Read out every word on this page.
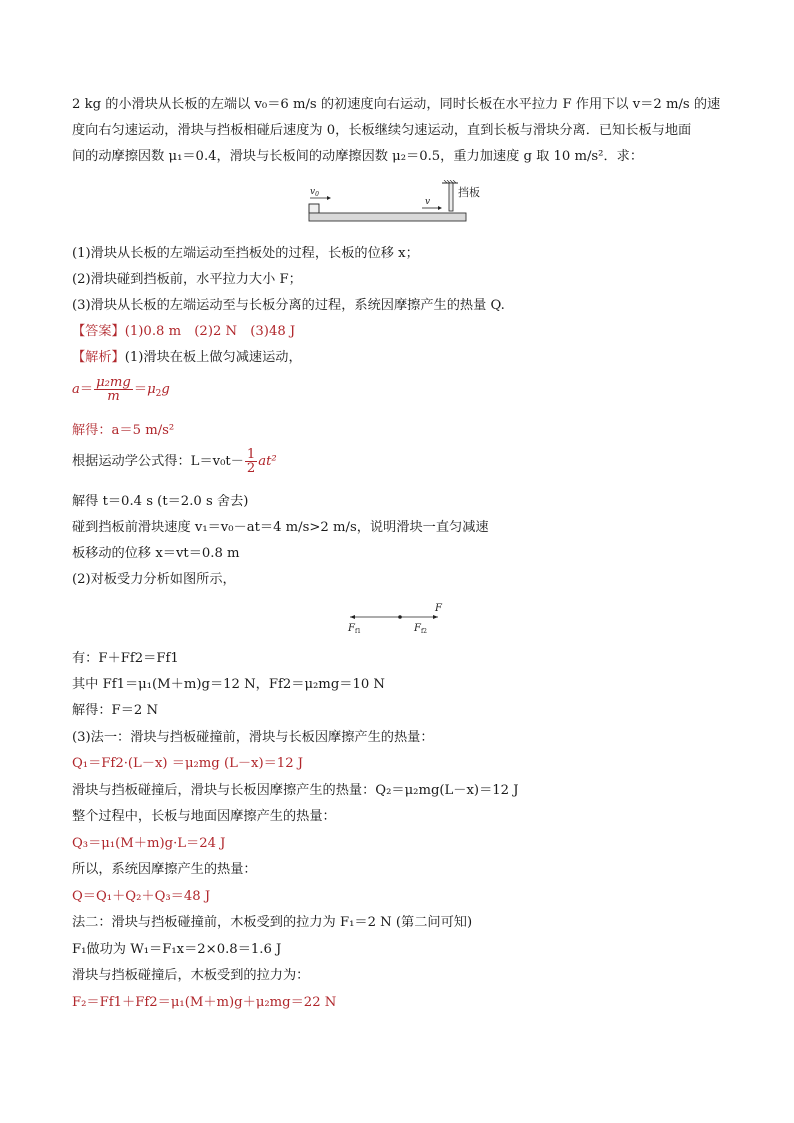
2 kg 的小滑块从长板的左端以 v₀＝6 m/s 的初速度向右运动，同时长板在水平拉力 F 作用下以 v＝2 m/s 的速
度向右匀速运动，滑块与挡板相碰后速度为 0，长板继续匀速运动，直到长板与滑块分离．已知长板与地面
间的动摩擦因数 μ₁＝0.4，滑块与长板间的动摩擦因数 μ₂＝0.5，重力加速度 g 取 10 m/s²．求：
$v_0$
v
挡板
(1)滑块从长板的左端运动至挡板处的过程，长板的位移 x；
(2)滑块碰到挡板前，水平拉力大小 F；
(3)滑块从长板的左端运动至与长板分离的过程，系统因摩擦产生的热量 Q.
【答案】(1)0.8 m　(2)2 N　(3)48 J
【解析】(1)滑块在板上做匀减速运动，
$a= \frac{\text{μ₂mg}}{m} =\mu_2g$
解得：a＝5 m/s²
根据运动学公式得：$L=v_0t- \frac{1}{2} at^2$
解得 t＝0.4 s (t＝2.0 s 舍去)
碰到挡板前滑块速度 v₁＝v₀－at＝4 m/s>2 m/s，说明滑块一直匀减速
板移动的位移 x＝vt＝0.8 m
(2)对板受力分析如图所示，
F
$F_{f1}$	$F_{f2}$
有：F＋Ff2＝Ff1
其中 Ff1＝μ₁(M＋m)g＝12 N，Ff2＝μ₂mg＝10 N
解得：F＝2 N
(3)法一：滑块与挡板碰撞前，滑块与长板因摩擦产生的热量：
Q₁＝Ff2·(L－x) ＝μ₂mg (L－x)＝12 J
滑块与挡板碰撞后，滑块与长板因摩擦产生的热量：Q₂＝μ₂mg(L－x)＝12 J
整个过程中，长板与地面因摩擦产生的热量：
Q₃＝μ₁(M＋m)g·L＝24 J
所以，系统因摩擦产生的热量：
Q＝Q₁＋Q₂＋Q₃＝48 J
法二：滑块与挡板碰撞前，木板受到的拉力为 F₁＝2 N (第二问可知)
F₁做功为 W₁＝F₁x＝2×0.8＝1.6 J
滑块与挡板碰撞后，木板受到的拉力为：
F₂＝Ff1＋Ff2＝μ₁(M＋m)g＋μ₂mg＝22 N
